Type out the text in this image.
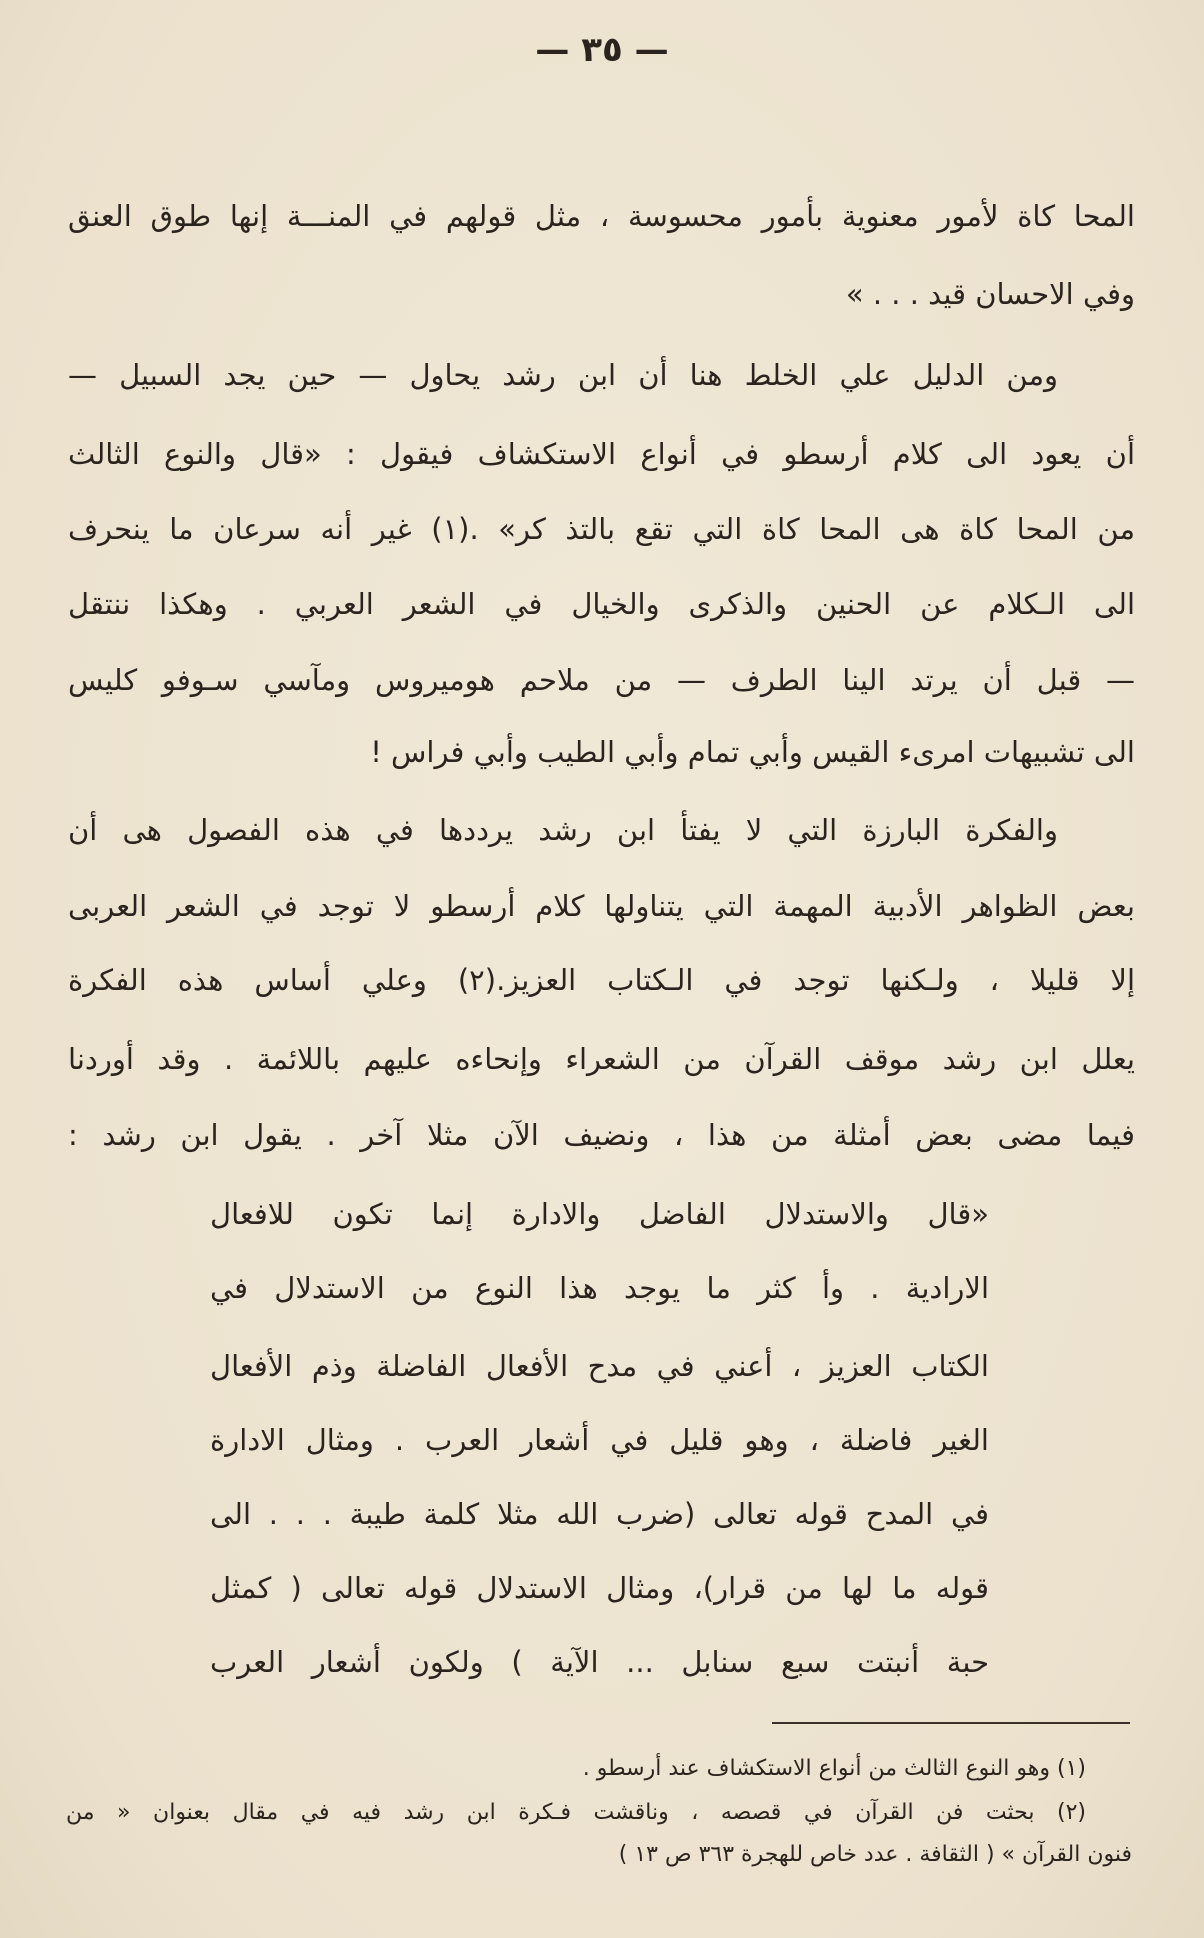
— ٣٥ —
المحا كاة لأمور معنوية بأمور محسوسة ، مثل قولهم في المنـــة إنها طوق العنق
وفي الاحسان قيد . . . »
ومن الدليل علي الخلط هنا أن ابن رشد يحاول — حين يجد السبيل —
أن يعود الى كلام أرسطو في أنواع الاستكشاف فيقول : «قال والنوع الثالث
من المحا كاة هى المحا كاة التي تقع بالتذ كر» .(١) غير أنه سرعان ما ينحرف
الى الـكلام عن الحنين والذكرى والخيال في الشعر العربي . وهكذا ننتقل
— قبل أن يرتد الينا الطرف — من ملاحم هوميروس ومآسي سـوفو كليس
الى تشبيهات امرىء القيس وأبي تمام وأبي الطيب وأبي فراس !
والفكرة البارزة التي لا يفتأ ابن رشد يرددها في هذه الفصول هى أن
بعض الظواهر الأدبية المهمة التي يتناولها كلام أرسطو لا توجد في الشعر العربى
إلا قليلا ، ولـكنها توجد في الـكتاب العزيز.(٢) وعلي أساس هذه الفكرة
يعلل ابن رشد موقف القرآن من الشعراء وإنحاءه عليهم باللائمة . وقد أوردنا
فيما مضى بعض أمثلة من هذا ، ونضيف الآن مثلا آخر . يقول ابن رشد :
«قال والاستدلال الفاضل والادارة إنما تكون للافعال
الارادية . وأ كثر ما يوجد هذا النوع من الاستدلال في
الكتاب العزيز ، أعني في مدح الأفعال الفاضلة وذم الأفعال
الغير فاضلة ، وهو قليل في أشعار العرب . ومثال الادارة
في المدح قوله تعالى (ضرب الله مثلا كلمة طيبة . . . الى
قوله ما لها من قرار)، ومثال الاستدلال قوله تعالى ( كمثل
حبة أنبتت سبع سنابل ... الآية ) ولكون أشعار العرب
(١) وهو النوع الثالث من أنواع الاستكشاف عند أرسطو .
(٢) بحثت فن القرآن في قصصه ، وناقشت فـكرة ابن رشد فيه في مقال بعنوان « من
فنون القرآن » ( الثقافة . عدد خاص للهجرة ٣٦٣ ص ١٣ )
